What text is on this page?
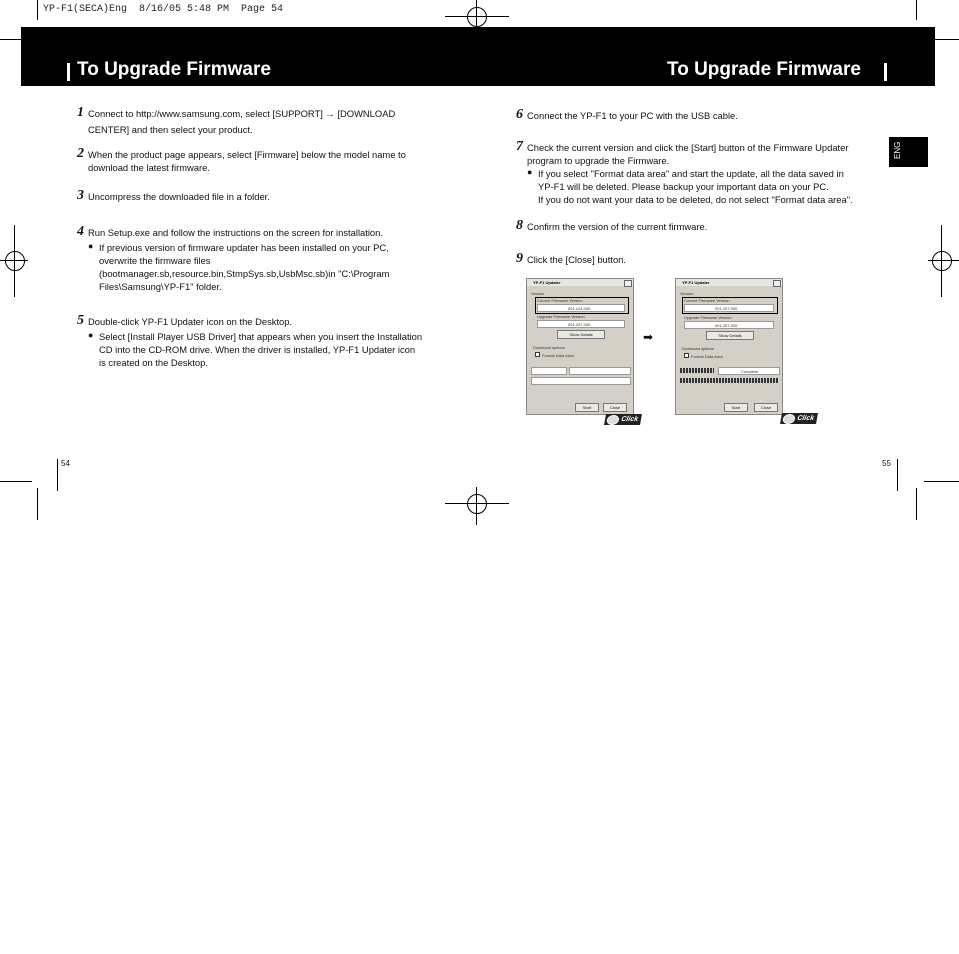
YP-F1(SECA)Eng  8/16/05 5:48 PM  Page 54
To Upgrade Firmware	To Upgrade Firmware
ENG
1 Connect to http://www.samsung.com, select [SUPPORT] → [DOWNLOAD
CENTER] and then select your product.
2 When the product page appears, select [Firmware] below the model name to
download the latest firmware.
3 Uncompress the downloaded file in a folder.
4 Run Setup.exe and follow the instructions on the screen for installation.
● If previous version of firmware updater has been installed on your PC,
overwrite the firmware files
(bootmanager.sb,resource.bin,StmpSys.sb,UsbMsc.sb)in "C:\Program
Files\Samsung\YP-F1" folder.
5 Double-click YP-F1 Updater icon on the Desktop.
● Select [Install Player USB Driver] that appears when you insert the Installation
CD into the CD-ROM drive. When the driver is installed, YP-F1 Updater icon
is created on the Desktop.
6 Connect the YP-F1 to your PC with the USB cable.
7 Check the current version and click the [Start] button of the Firmware Updater
program to upgrade the Firmware.
● If you select "Format data area" and start the update, all the data saved in
YP-F1 will be deleted. Please backup your important data on your PC.
If you do not want your data to be deleted, do not select "Format data area".
8 Confirm the version of the current firmware.
9 Click the [Close] button.
YP-F1 Updater
Version
Current Firmware Version
001.124.000
Upgrade Firmware Version
001.207.000
Show Details
Download options
Format Data Area
Start	Close
Click
➡
YP-F1 Updater
Version
Current Firmware Version
001.207.000
Upgrade Firmware Version
001.207.000
Show Details
Download options
Format Data Area
Complete
Start	Close
Click
54	55
